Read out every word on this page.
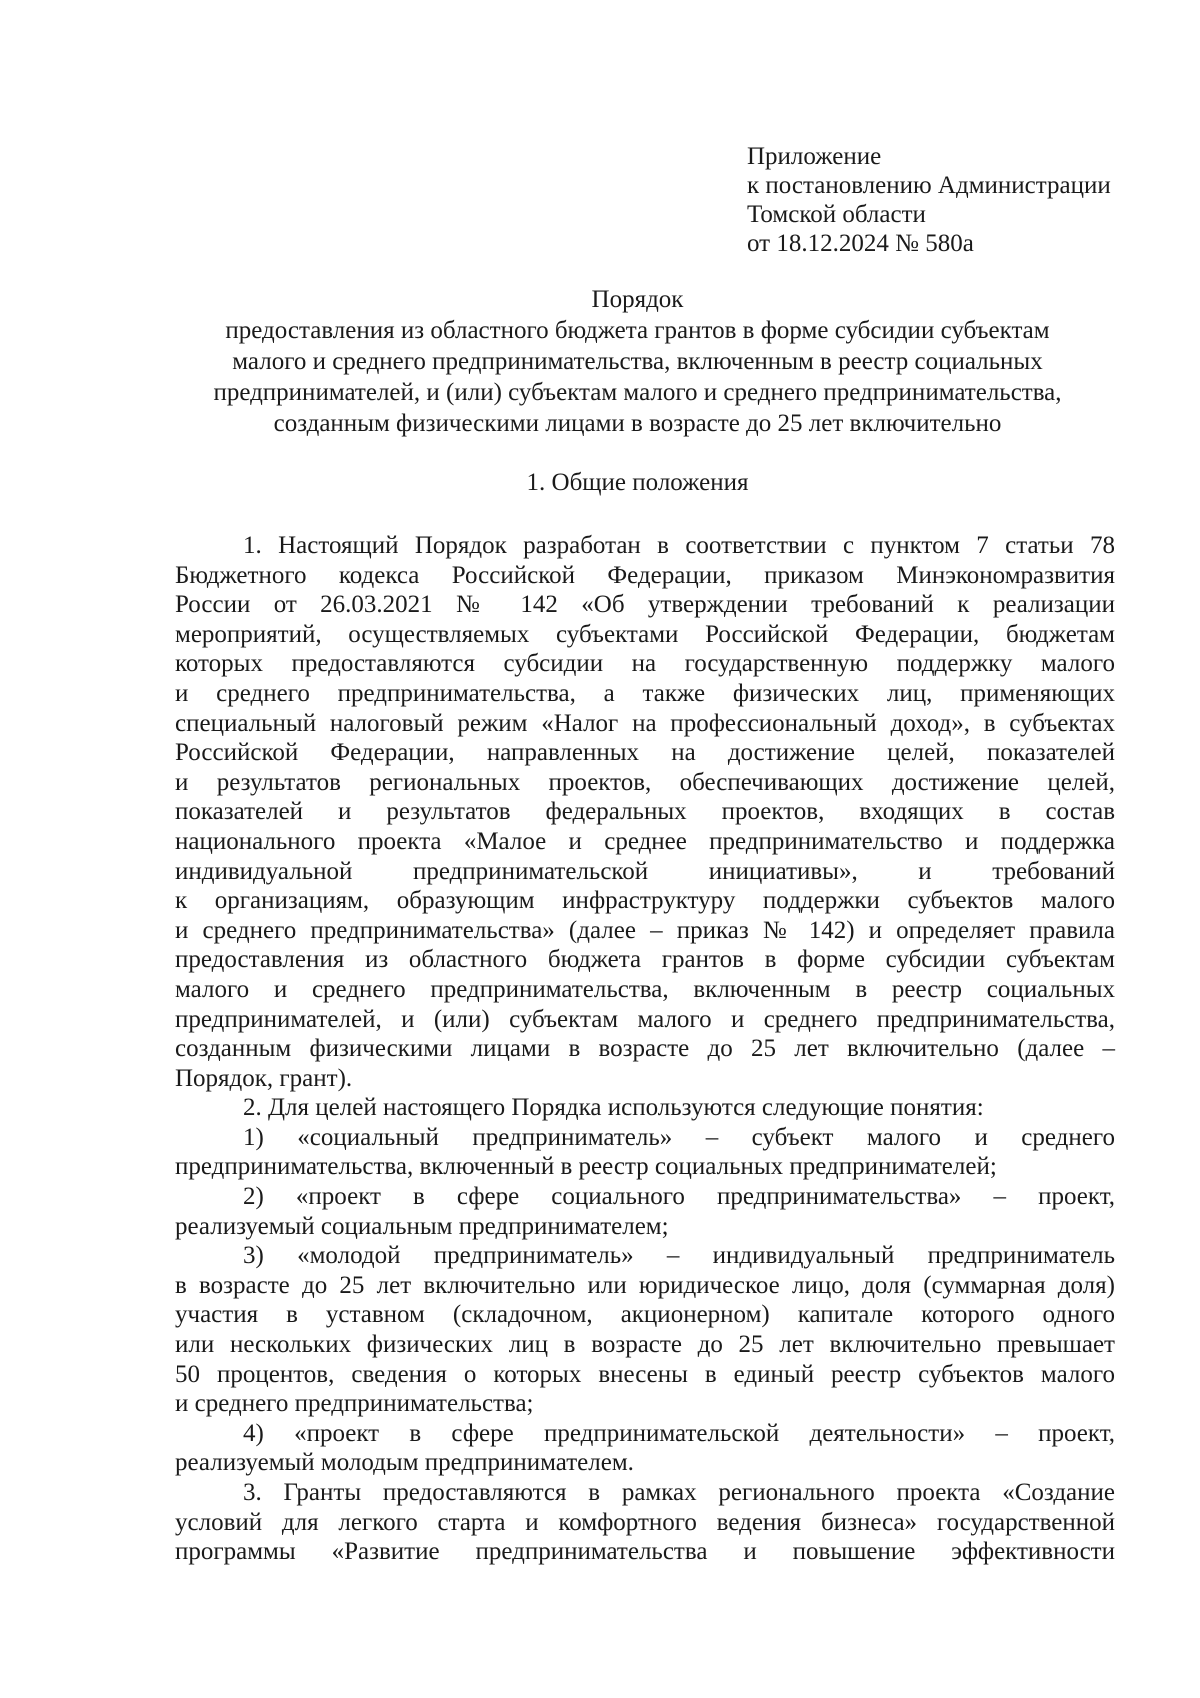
Приложение
к постановлению Администрации
Томской области
от 18.12.2024 № 580а
Порядок
предоставления из областного бюджета грантов в форме субсидии субъектам
малого и среднего предпринимательства, включенным в реестр социальных
предпринимателей, и (или) субъектам малого и среднего предпринимательства,
созданным физическими лицами в возрасте до 25 лет включительно
1. Общие положения
1. Настоящий Порядок разработан в соответствии с пунктом 7 статьи 78
Бюджетного кодекса Российской Федерации, приказом Минэкономразвития
России от 26.03.2021 № 142 «Об утверждении требований к реализации
мероприятий, осуществляемых субъектами Российской Федерации, бюджетам
которых предоставляются субсидии на государственную поддержку малого
и среднего предпринимательства, а также физических лиц, применяющих
специальный налоговый режим «Налог на профессиональный доход», в субъектах
Российской Федерации, направленных на достижение целей, показателей
и результатов региональных проектов, обеспечивающих достижение целей,
показателей и результатов федеральных проектов, входящих в состав
национального проекта «Малое и среднее предпринимательство и поддержка
индивидуальной предпринимательской инициативы», и требований
к организациям, образующим инфраструктуру поддержки субъектов малого
и среднего предпринимательства» (далее – приказ № 142) и определяет правила
предоставления из областного бюджета грантов в форме субсидии субъектам
малого и среднего предпринимательства, включенным в реестр социальных
предпринимателей, и (или) субъектам малого и среднего предпринимательства,
созданным физическими лицами в возрасте до 25 лет включительно (далее –
Порядок, грант).
2. Для целей настоящего Порядка используются следующие понятия:
1) «социальный предприниматель» – субъект малого и среднего
предпринимательства, включенный в реестр социальных предпринимателей;
2) «проект в сфере социального предпринимательства» – проект,
реализуемый социальным предпринимателем;
3) «молодой предприниматель» – индивидуальный предприниматель
в возрасте до 25 лет включительно или юридическое лицо, доля (суммарная доля)
участия в уставном (складочном, акционерном) капитале которого одного
или нескольких физических лиц в возрасте до 25 лет включительно превышает
50 процентов, сведения о которых внесены в единый реестр субъектов малого
и среднего предпринимательства;
4) «проект в сфере предпринимательской деятельности» – проект,
реализуемый молодым предпринимателем.
3. Гранты предоставляются в рамках регионального проекта «Создание
условий для легкого старта и комфортного ведения бизнеса» государственной
программы «Развитие предпринимательства и повышение эффективности
